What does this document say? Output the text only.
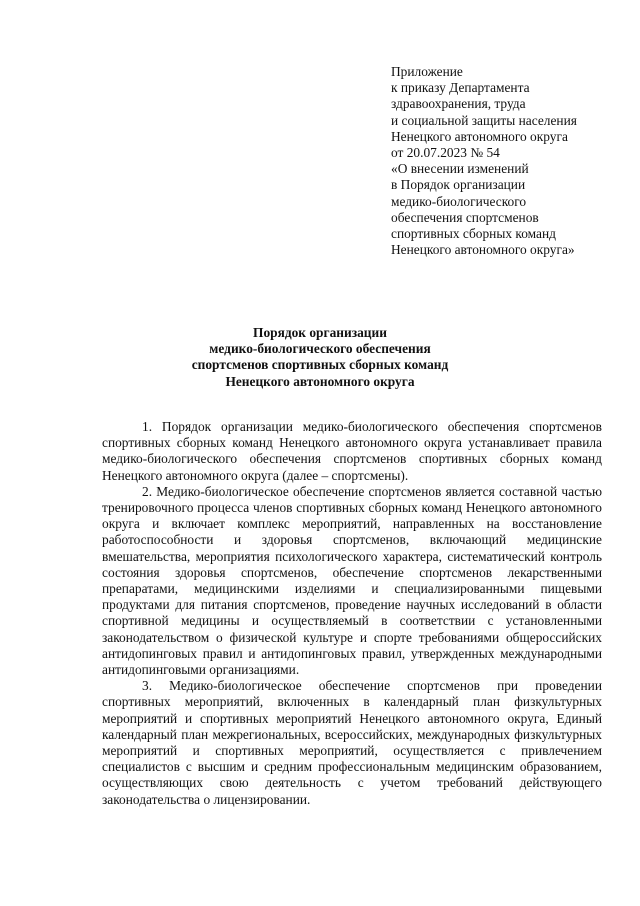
Приложение
к приказу Департамента
здравоохранения, труда
и социальной защиты населения
Ненецкого автономного округа
от 20.07.2023 № 54
«О внесении изменений
в Порядок организации
медико-биологического
обеспечения спортсменов
спортивных сборных команд
Ненецкого автономного округа»
Порядок организации
медико-биологического обеспечения
спортсменов спортивных сборных команд
Ненецкого автономного округа

1. Порядок организации медико-биологического обеспечения спортсменов спортивных сборных команд Ненецкого автономного округа устанавливает правила медико-биологического обеспечения спортсменов спортивных сборных команд Ненецкого автономного округа (далее – спортсмены).

2. Медико-биологическое обеспечение спортсменов является составной частью тренировочного процесса членов спортивных сборных команд Ненецкого автономного округа и включает комплекс мероприятий, направленных на восстановление работоспособности и здоровья спортсменов, включающий медицинские вмешательства, мероприятия психологического характера, систематический контроль состояния здоровья спортсменов, обеспечение спортсменов лекарственными препаратами, медицинскими изделиями и специализированными пищевыми продуктами для питания спортсменов, проведение научных исследований в области спортивной медицины и осуществляемый в соответствии с установленными законодательством о физической культуре и спорте требованиями общероссийских антидопинговых правил и антидопинговых правил, утвержденных международными антидопинговыми организациями.

3. Медико-биологическое обеспечение спортсменов при проведении спортивных мероприятий, включенных в календарный план физкультурных мероприятий и спортивных мероприятий Ненецкого автономного округа, Единый календарный план межрегиональных, всероссийских, международных физкультурных мероприятий и спортивных мероприятий, осуществляется с привлечением специалистов с высшим и средним профессиональным медицинским образованием, осуществляющих свою деятельность с учетом требований действующего законодательства о лицензировании.
